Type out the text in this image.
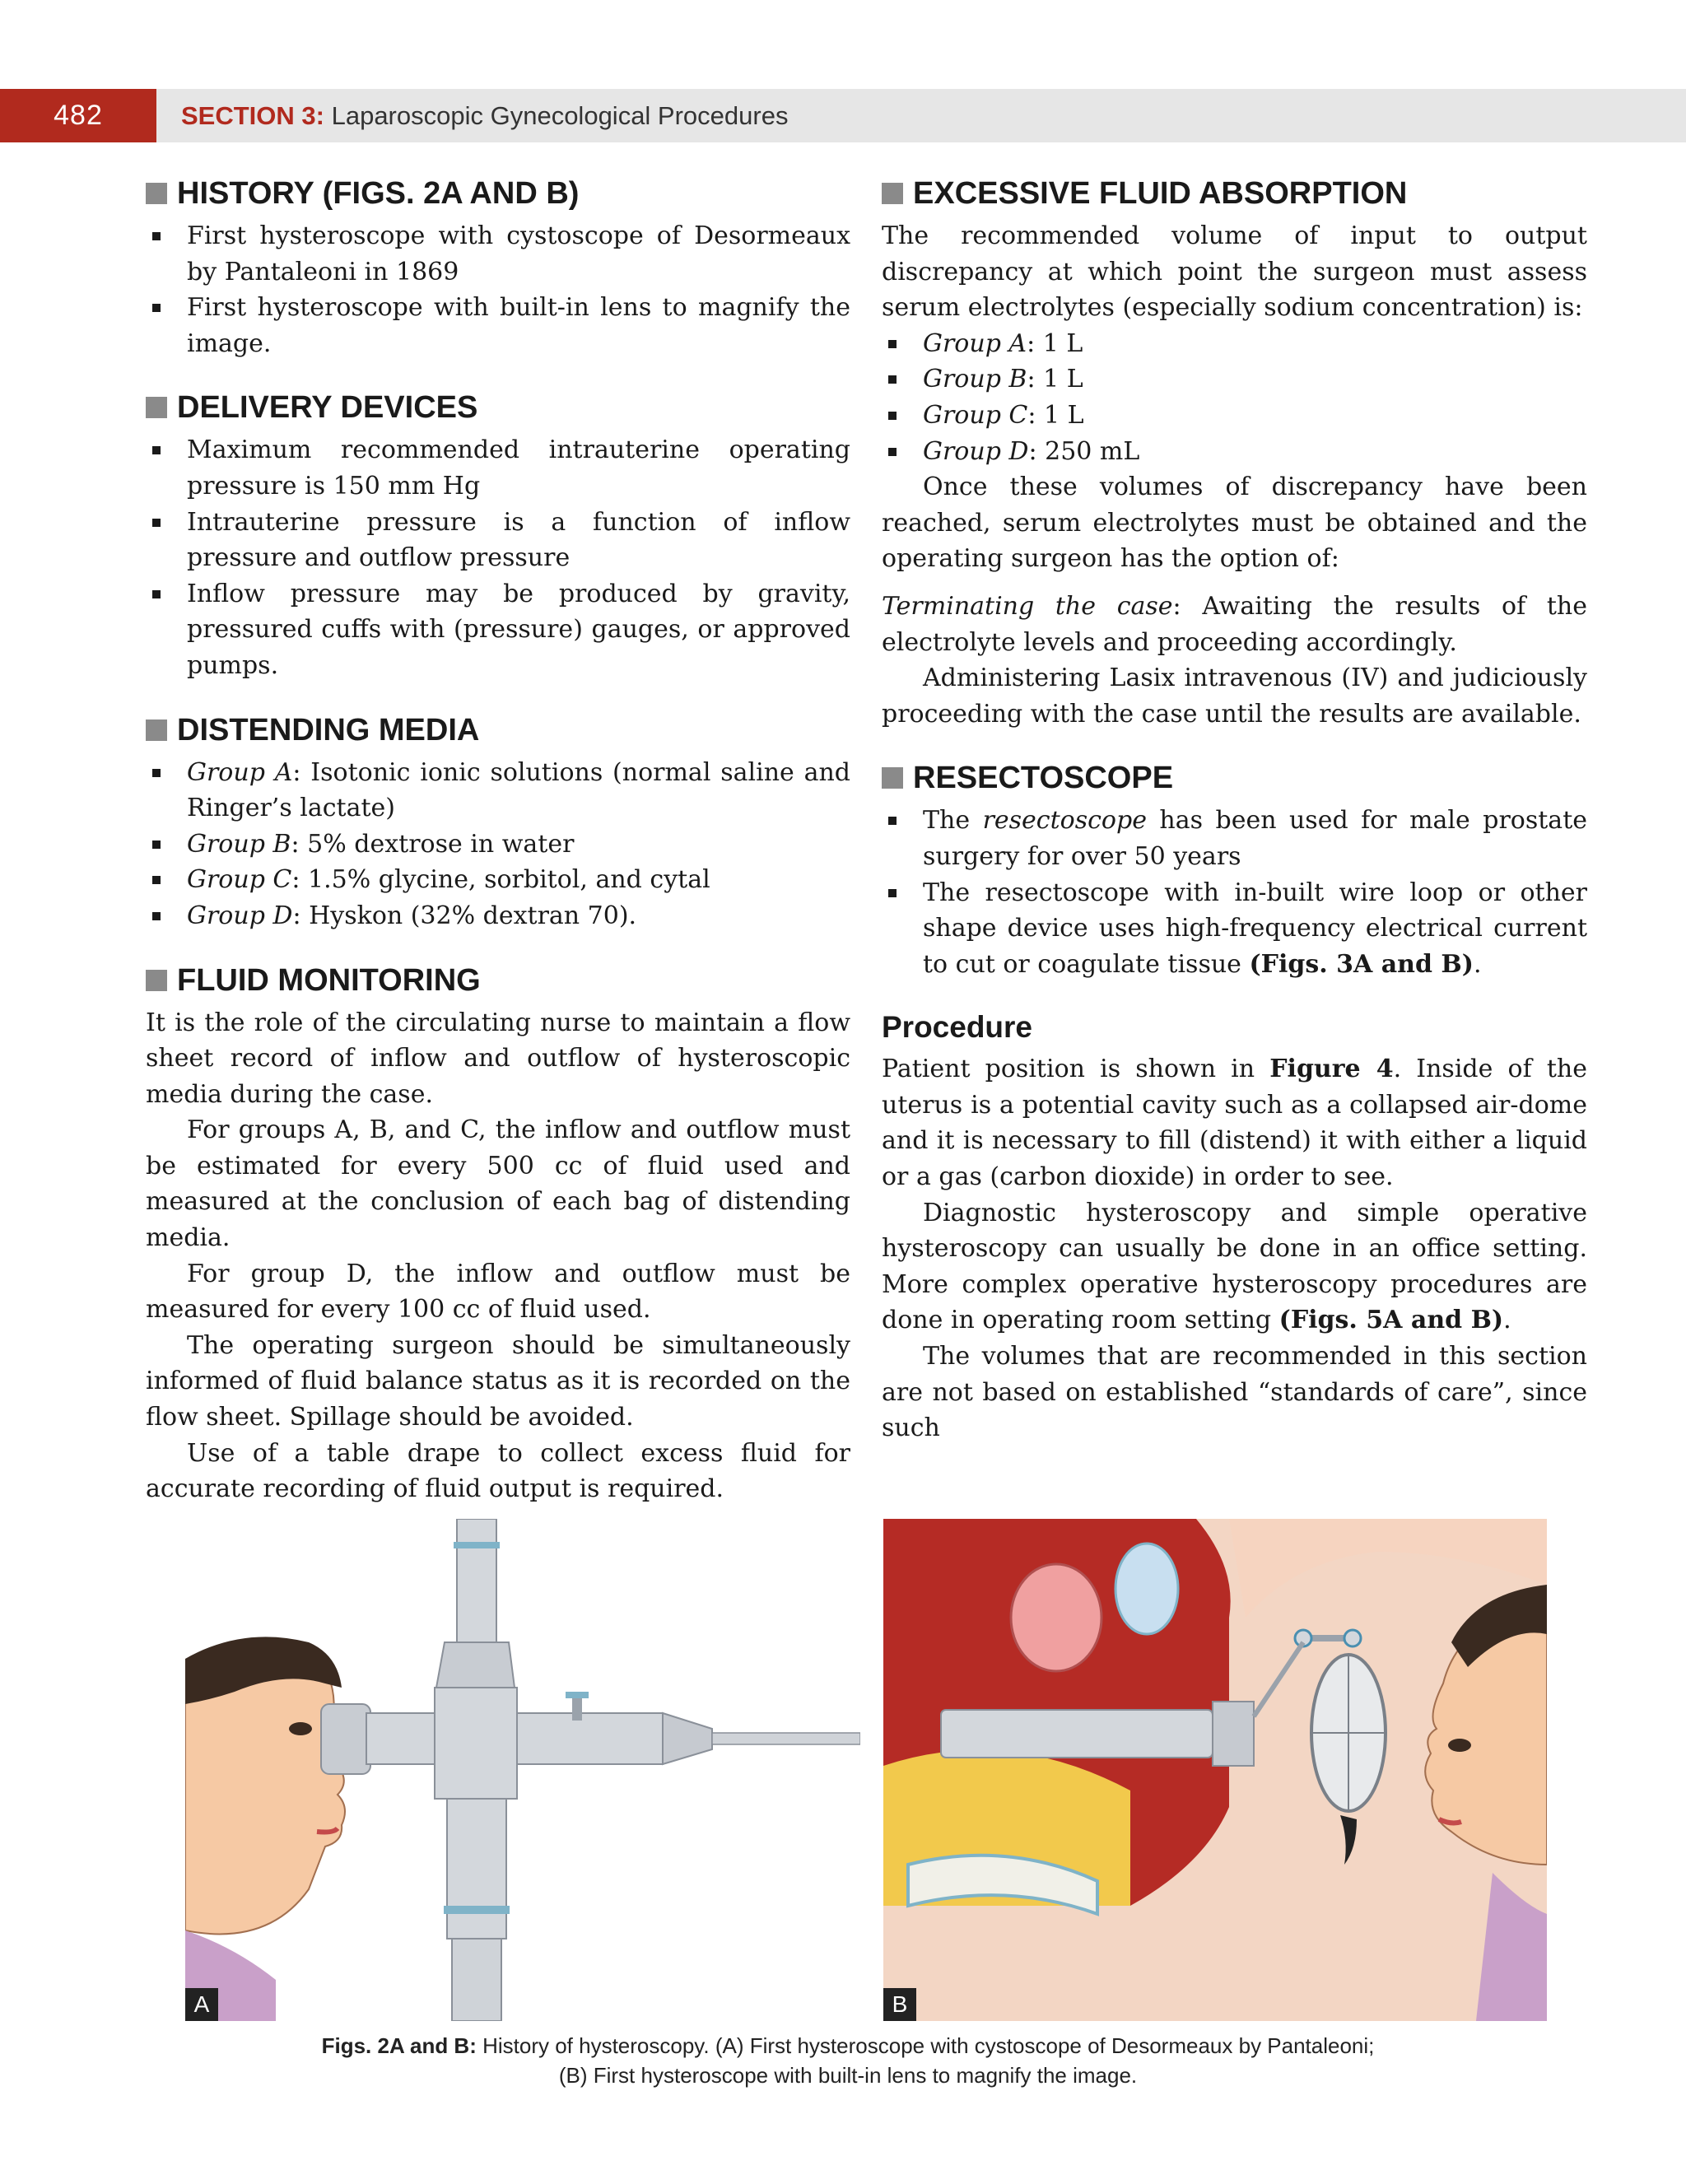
482	SECTION 3: Laparoscopic Gynecological Procedures
HISTORY (FIGS. 2A AND B)
First hysteroscope with cystoscope of Desormeaux by Pantaleoni in 1869
First hysteroscope with built-in lens to magnify the image.
DELIVERY DEVICES
Maximum recommended intrauterine operating pressure is 150 mm Hg
Intrauterine pressure is a function of inflow pressure and outflow pressure
Inflow pressure may be produced by gravity, pressured cuffs with (pressure) gauges, or approved pumps.
DISTENDING MEDIA
Group A: Isotonic ionic solutions (normal saline and Ringer’s lactate)
Group B: 5% dextrose in water
Group C: 1.5% glycine, sorbitol, and cytal
Group D: Hyskon (32% dextran 70).
FLUID MONITORING

It is the role of the circulating nurse to maintain a flow sheet record of inflow and outflow of hysteroscopic media during the case.

For groups A, B, and C, the inflow and outflow must be estimated for every 500 cc of fluid used and measured at the conclusion of each bag of distending media.

For group D, the inflow and outflow must be measured for every 100 cc of fluid used.

The operating surgeon should be simultaneously informed of fluid balance status as it is recorded on the flow sheet. Spillage should be avoided.

Use of a table drape to collect excess fluid for accurate recording of fluid output is required.

EXCESSIVE FLUID ABSORPTION

The recommended volume of input to output discrepancy at which point the surgeon must assess serum electrolytes (especially sodium concentration) is:

Group A: 1 L
Group B: 1 L
Group C: 1 L
Group D: 250 mL

Once these volumes of discrepancy have been reached, serum electrolytes must be obtained and the operating surgeon has the option of:

Terminating the case: Awaiting the results of the electrolyte levels and proceeding accordingly.

Administering Lasix intravenous (IV) and judiciously proceeding with the case until the results are available.

RESECTOSCOPE
The resectoscope has been used for male prostate surgery for over 50 years
The resectoscope with in-built wire loop or other shape device uses high-frequency electrical current to cut or coagulate tissue (Figs. 3A and B).
Procedure

Patient position is shown in Figure 4. Inside of the uterus is a potential cavity such as a collapsed air-dome and it is necessary to fill (distend) it with either a liquid or a gas (carbon dioxide) in order to see.

Diagnostic hysteroscopy and simple operative hysteroscopy can usually be done in an office setting. More complex operative hysteroscopy procedures are done in operating room setting (Figs. 5A and B).

The volumes that are recommended in this section are not based on established “standards of care”, since such

A	B
Figs. 2A and B: History of hysteroscopy. (A) First hysteroscope with cystoscope of Desormeaux by Pantaleoni;
(B) First hysteroscope with built-in lens to magnify the image.
